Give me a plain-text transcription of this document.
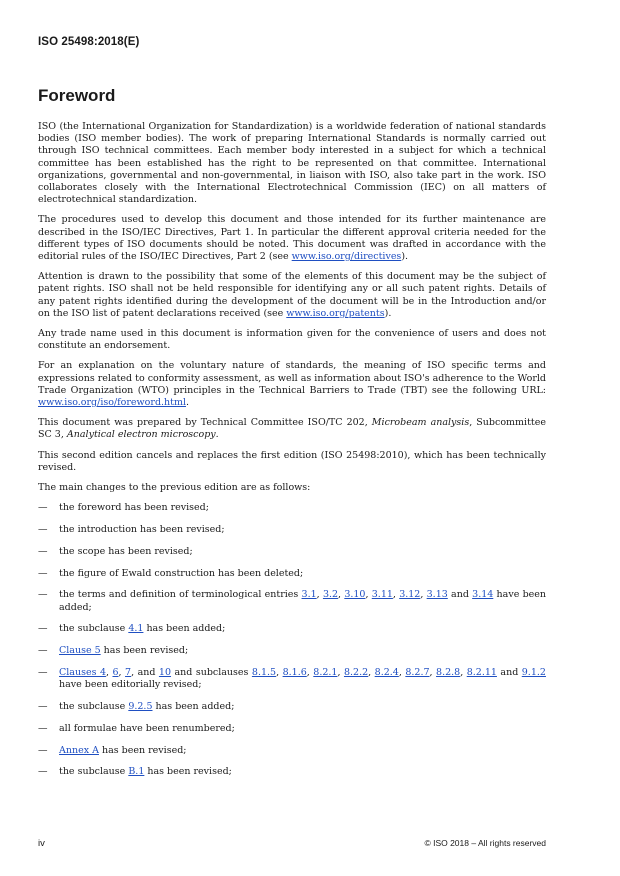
ISO 25498:2018(E)
Foreword

ISO (the International Organization for Standardization) is a worldwide federation of national standards bodies (ISO member bodies). The work of preparing International Standards is normally carried out through ISO technical committees. Each member body interested in a subject for which a technical committee has been established has the right to be represented on that committee. International organizations, governmental and non-governmental, in liaison with ISO, also take part in the work. ISO collaborates closely with the International Electrotechnical Commission (IEC) on all matters of electrotechnical standardization.

The procedures used to develop this document and those intended for its further maintenance are described in the ISO/IEC Directives, Part 1. In particular the different approval criteria needed for the different types of ISO documents should be noted. This document was drafted in accordance with the editorial rules of the ISO/IEC Directives, Part 2 (see www.iso.org/directives).

Attention is drawn to the possibility that some of the elements of this document may be the subject of patent rights. ISO shall not be held responsible for identifying any or all such patent rights. Details of any patent rights identified during the development of the document will be in the Introduction and/or on the ISO list of patent declarations received (see www.iso.org/patents).

Any trade name used in this document is information given for the convenience of users and does not constitute an endorsement.

For an explanation on the voluntary nature of standards, the meaning of ISO specific terms and expressions related to conformity assessment, as well as information about ISO's adherence to the World Trade Organization (WTO) principles in the Technical Barriers to Trade (TBT) see the following URL: www.iso.org/iso/foreword.html.

This document was prepared by Technical Committee ISO/TC 202, Microbeam analysis, Subcommittee SC 3, Analytical electron microscopy.

This second edition cancels and replaces the first edition (ISO 25498:2010), which has been technically revised.

The main changes to the previous edition are as follows:

— the foreword has been revised;
— the introduction has been revised;
— the scope has been revised;
— the figure of Ewald construction has been deleted;
— the terms and definition of terminological entries 3.1, 3.2, 3.10, 3.11, 3.12, 3.13 and 3.14 have been added;
— the subclause 4.1 has been added;
— Clause 5 has been revised;
— Clauses 4, 6, 7, and 10 and subclauses 8.1.5, 8.1.6, 8.2.1, 8.2.2, 8.2.4, 8.2.7, 8.2.8, 8.2.11 and 9.1.2 have been editorially revised;
— the subclause 9.2.5 has been added;
— all formulae have been renumbered;
— Annex A has been revised;
— the subclause B.1 has been revised;
iv	© ISO 2018 – All rights reserved
